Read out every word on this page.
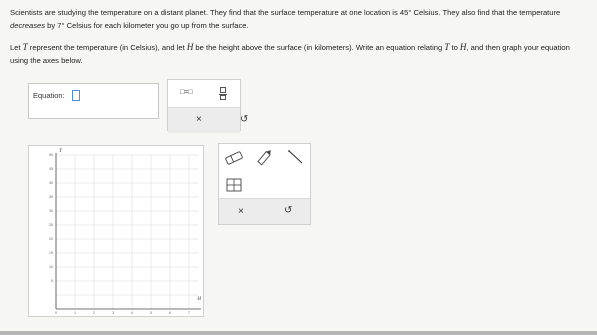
Scientists are studying the temperature on a distant planet. They find that the surface temperature at one location is 45° Celsius. They also find that the temperature decreases by 7° Celsius for each kilometer you go up from the surface.

Let T represent the temperature (in Celsius), and let H be the height above the surface (in kilometers). Write an equation relating T to H, and then graph your equation using the axes below.

Equation:	□=□
×	↺
50
45
40
35
30
25
20
15
10
5
0	1	2	3	4	5	6	7
T
H
×	↺
